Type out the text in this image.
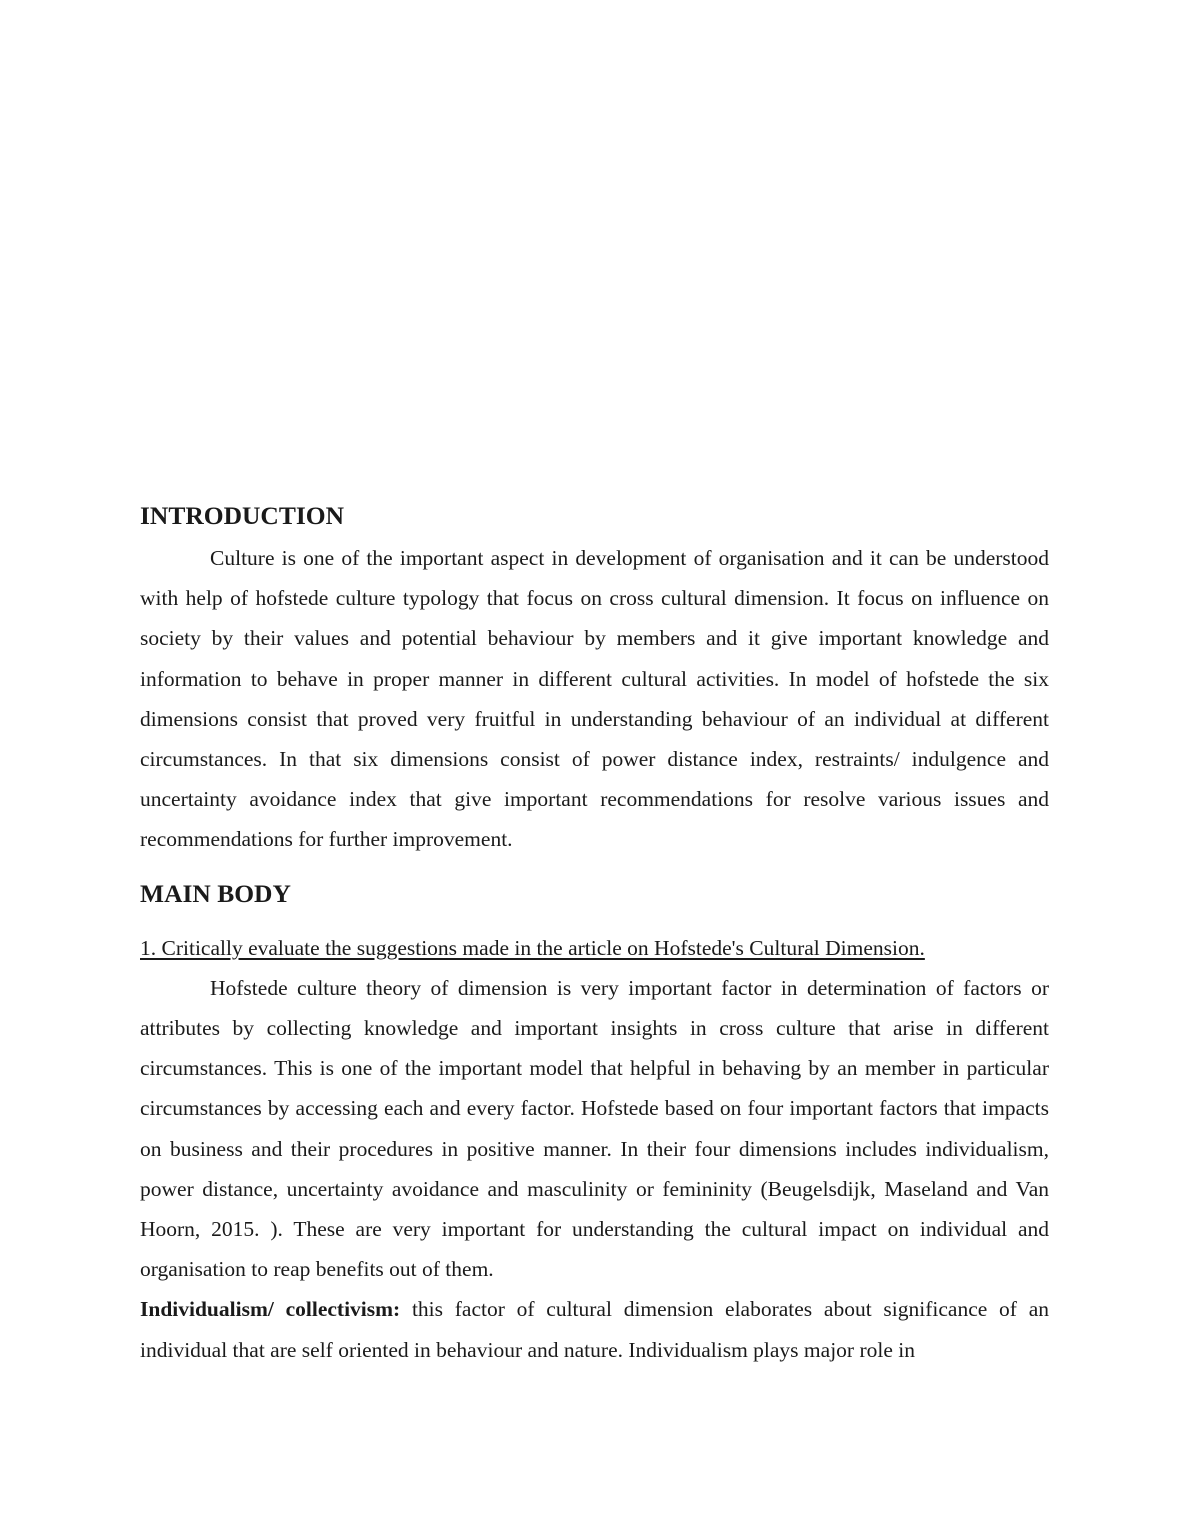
INTRODUCTION

Culture is one of the important aspect in development of organisation and it can be understood with help of hofstede culture typology that focus on cross cultural dimension. It focus on influence on society by their values and potential behaviour by members and it give important knowledge and information to behave in proper manner in different cultural activities. In model of hofstede the six dimensions consist that proved very fruitful in understanding behaviour of an individual at different circumstances. In that six dimensions consist of power distance index, restraints/ indulgence and uncertainty avoidance index that give important recommendations for resolve various issues and recommendations for further improvement.

MAIN BODY

1. Critically evaluate the suggestions made in the article on Hofstede's Cultural Dimension.

Hofstede culture theory of dimension is very important factor in determination of factors or attributes by collecting knowledge and important insights in cross culture that arise in different circumstances. This is one of the important model that helpful in behaving by an member in particular circumstances by accessing each and every factor. Hofstede based on four important factors that impacts on business and their procedures in positive manner. In their four dimensions includes individualism, power distance, uncertainty avoidance and masculinity or femininity (Beugelsdijk, Maseland and Van Hoorn, 2015. ). These are very important for understanding the cultural impact on individual and organisation to reap benefits out of them.

Individualism/ collectivism: this factor of cultural dimension elaborates about significance of an individual that are self oriented in behaviour and nature. Individualism plays major role in
